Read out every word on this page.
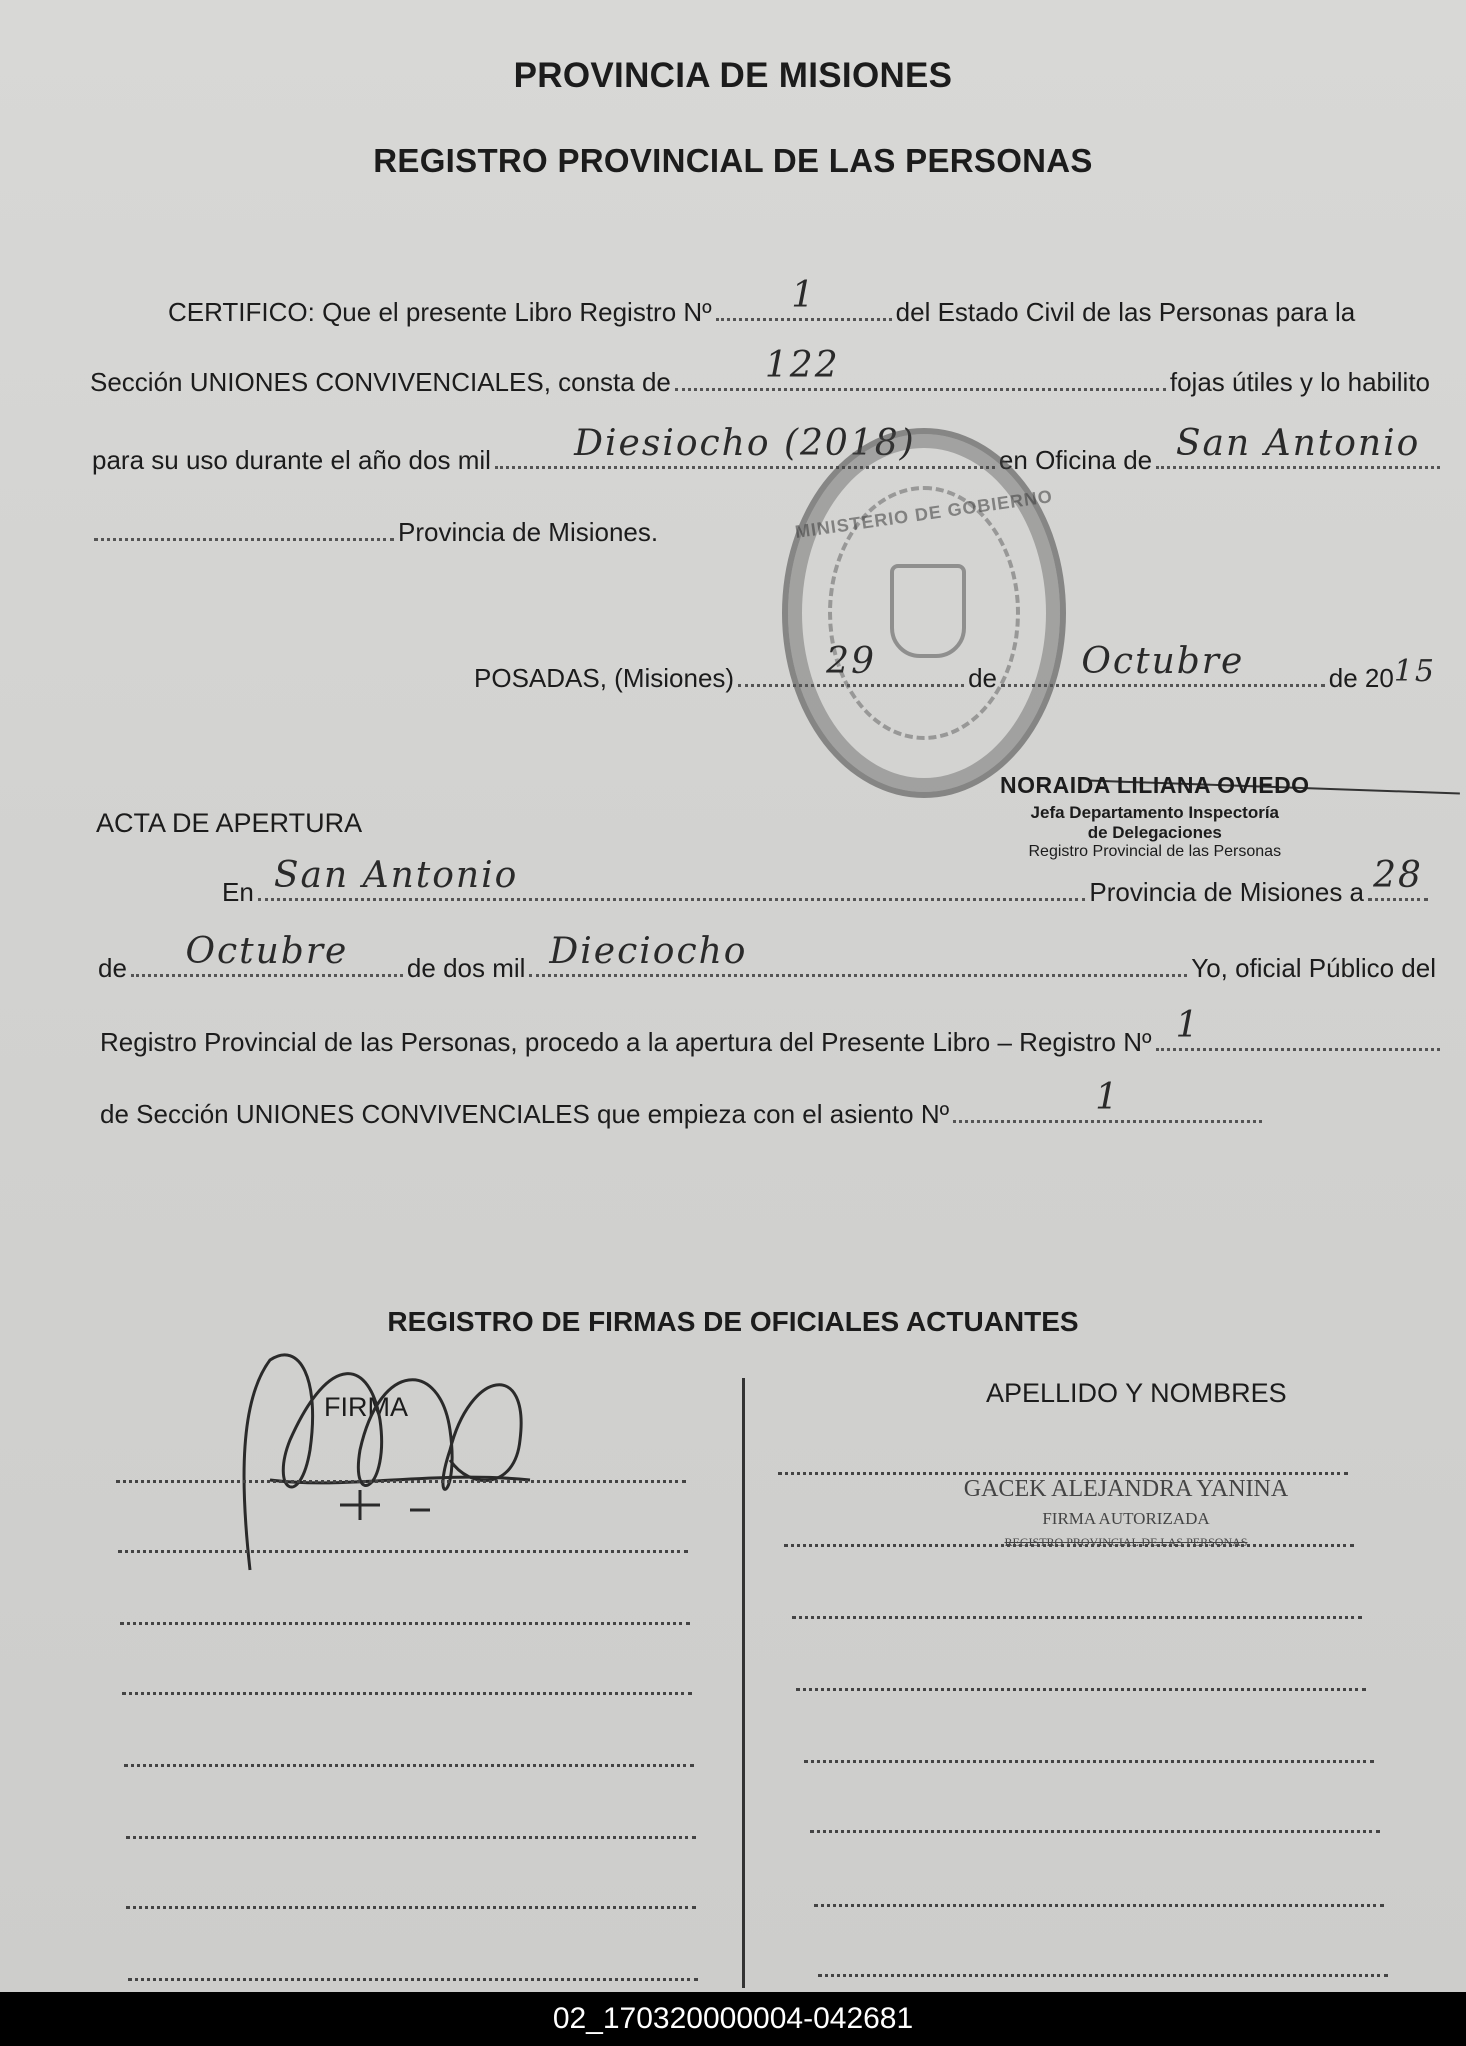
PROVINCIA DE MISIONES
REGISTRO PROVINCIAL DE LAS PERSONAS
CERTIFICO: Que el presente Libro Registro Nº	1	del Estado Civil de las Personas para la
Sección UNIONES CONVIVENCIALES, consta de	122	fojas útiles y lo habilito
para su uso durante el año dos mil	Diesiocho (2018)	en Oficina de San Antonio
Provincia de Misiones.	MINISTERIO DE GOBIERNO
POSADAS, (Misiones)	29	de	Octubre	de 20 15
NORAIDA LILIANA OVIEDO
Jefa Departamento Inspectoría
de Delegaciones
Registro Provincial de las Personas
ACTA DE APERTURA
En San Antonio	Provincia de Misiones a 28
de	Octubre	de dos mil Dieciocho	Yo, oficial Público del
Registro Provincial de las Personas, procedo a la apertura del Presente Libro – Registro Nº 1
de Sección UNIONES CONVIVENCIALES que empieza con el asiento Nº	1
REGISTRO DE FIRMAS DE OFICIALES ACTUANTES
FIRMA	APELLIDO Y NOMBRES
GACEK ALEJANDRA YANINA
FIRMA AUTORIZADA
REGISTRO PROVINCIAL DE LAS PERSONAS
02_170320000004-042681
